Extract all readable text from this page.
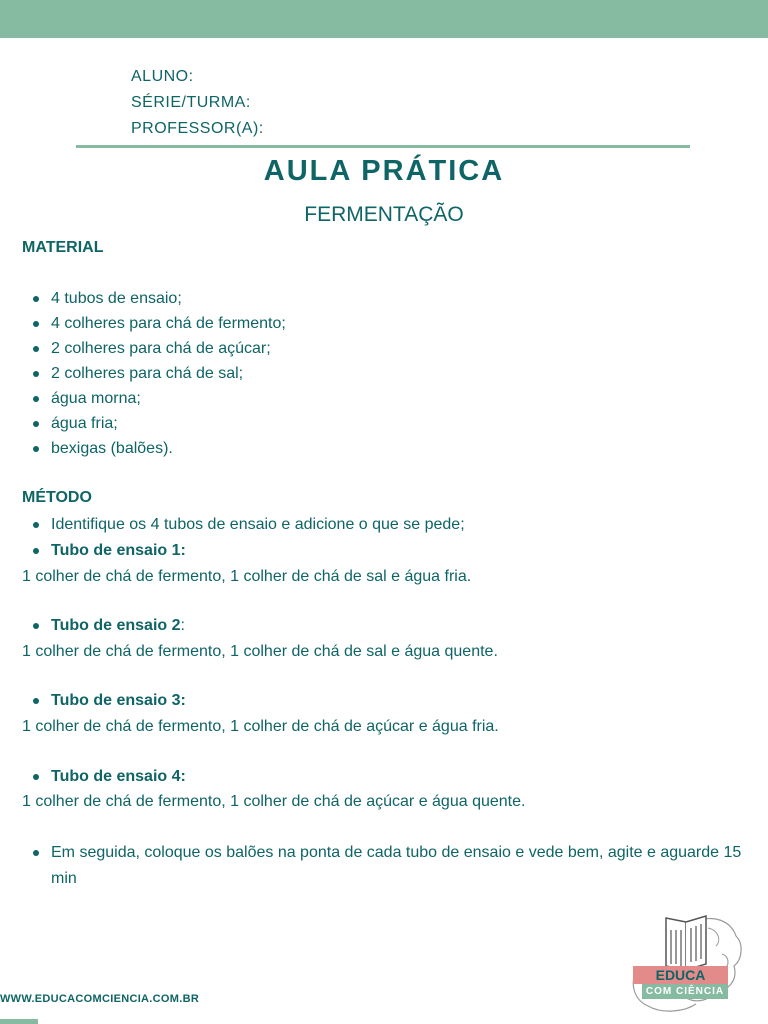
ALUNO:
SÉRIE/TURMA:
PROFESSOR(A):
AULA PRÁTICA
FERMENTAÇÃO
MATERIAL
4 tubos de ensaio;
4 colheres para chá de fermento;
2 colheres para chá de açúcar;
2 colheres para chá de sal;
água morna;
água fria;
bexigas (balões).
MÉTODO
Identifique os 4 tubos de ensaio e adicione o que se pede;
Tubo de ensaio 1:
1 colher de chá de fermento, 1 colher de chá de sal e água fria.
Tubo de ensaio 2:
1 colher de chá de fermento, 1 colher de chá de sal e água quente.
Tubo de ensaio 3:
1 colher de chá de fermento, 1 colher de chá de açúcar e água fria.
Tubo de ensaio 4:
1 colher de chá de fermento, 1 colher de chá de açúcar e água quente.
Em seguida, coloque os balões na ponta de cada tubo de ensaio e vede bem, agite e aguarde 15 min
WWW.EDUCACOMCIENCIA.COM.BR
EDUCA
COM CIÊNCIA
